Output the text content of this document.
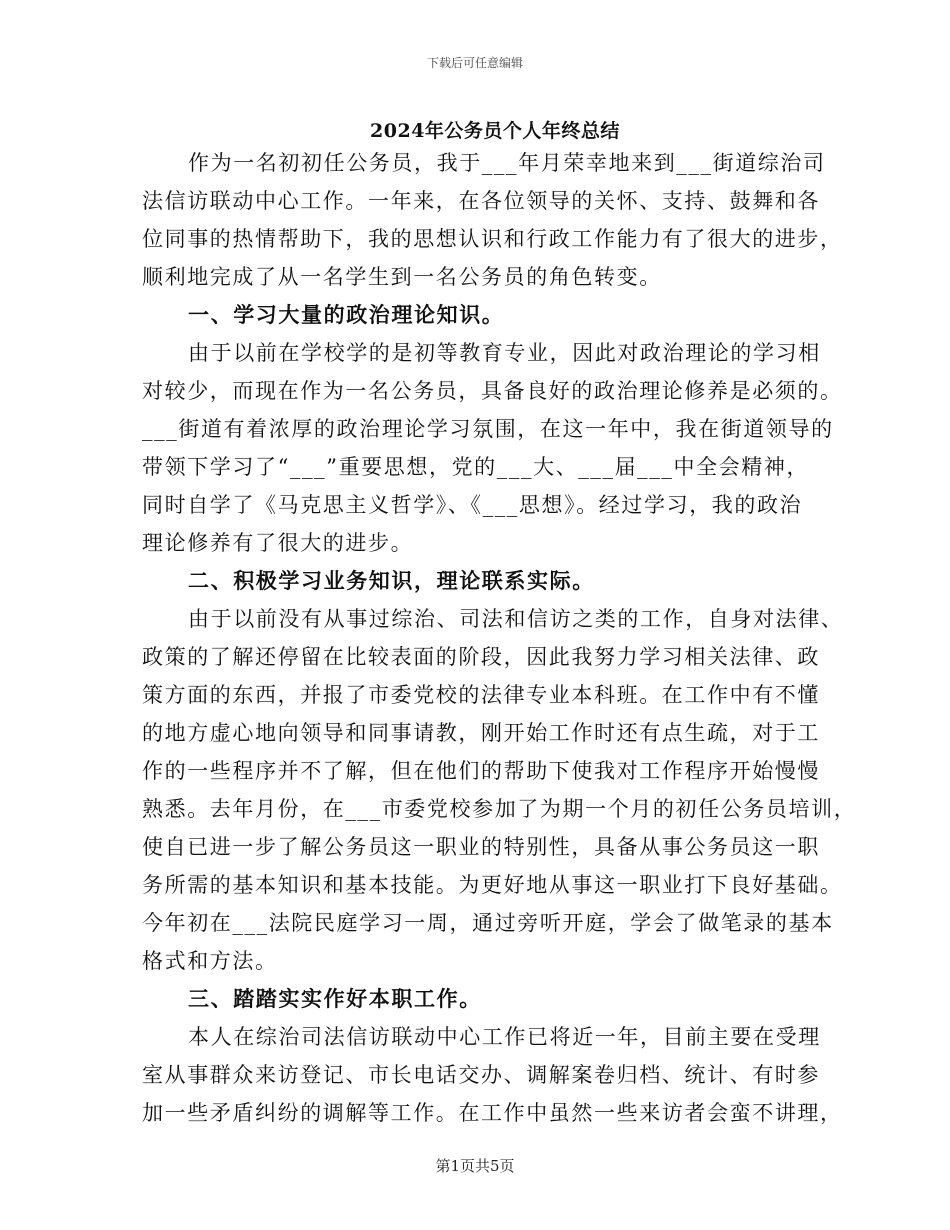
下载后可任意编辑
2024年公务员个人年终总结
作为一名初初任公务员，我于___年月荣幸地来到___街道综治司
法信访联动中心工作。一年来，在各位领导的关怀、支持、鼓舞和各
位同事的热情帮助下，我的思想认识和行政工作能力有了很大的进步，
顺利地完成了从一名学生到一名公务员的角色转变。
一、学习大量的政治理论知识。
由于以前在学校学的是初等教育专业，因此对政治理论的学习相
对较少，而现在作为一名公务员，具备良好的政治理论修养是必须的。
___街道有着浓厚的政治理论学习氛围，在这一年中，我在街道领导的
带领下学习了“___”重要思想，党的___大、___届___中全会精神，
同时自学了《马克思主义哲学》、《___思想》。经过学习，我的政治
理论修养有了很大的进步。
二、积极学习业务知识，理论联系实际。
由于以前没有从事过综治、司法和信访之类的工作，自身对法律、
政策的了解还停留在比较表面的阶段，因此我努力学习相关法律、政
策方面的东西，并报了市委党校的法律专业本科班。在工作中有不懂
的地方虚心地向领导和同事请教，刚开始工作时还有点生疏，对于工
作的一些程序并不了解，但在他们的帮助下使我对工作程序开始慢慢
熟悉。去年月份，在___市委党校参加了为期一个月的初任公务员培训，
使自已进一步了解公务员这一职业的特别性，具备从事公务员这一职
务所需的基本知识和基本技能。为更好地从事这一职业打下良好基础。
今年初在___法院民庭学习一周，通过旁听开庭，学会了做笔录的基本
格式和方法。
三、踏踏实实作好本职工作。
本人在综治司法信访联动中心工作已将近一年，目前主要在受理
室从事群众来访登记、市长电话交办、调解案卷归档、统计、有时参
加一些矛盾纠纷的调解等工作。在工作中虽然一些来访者会蛮不讲理，
第1页共5页
